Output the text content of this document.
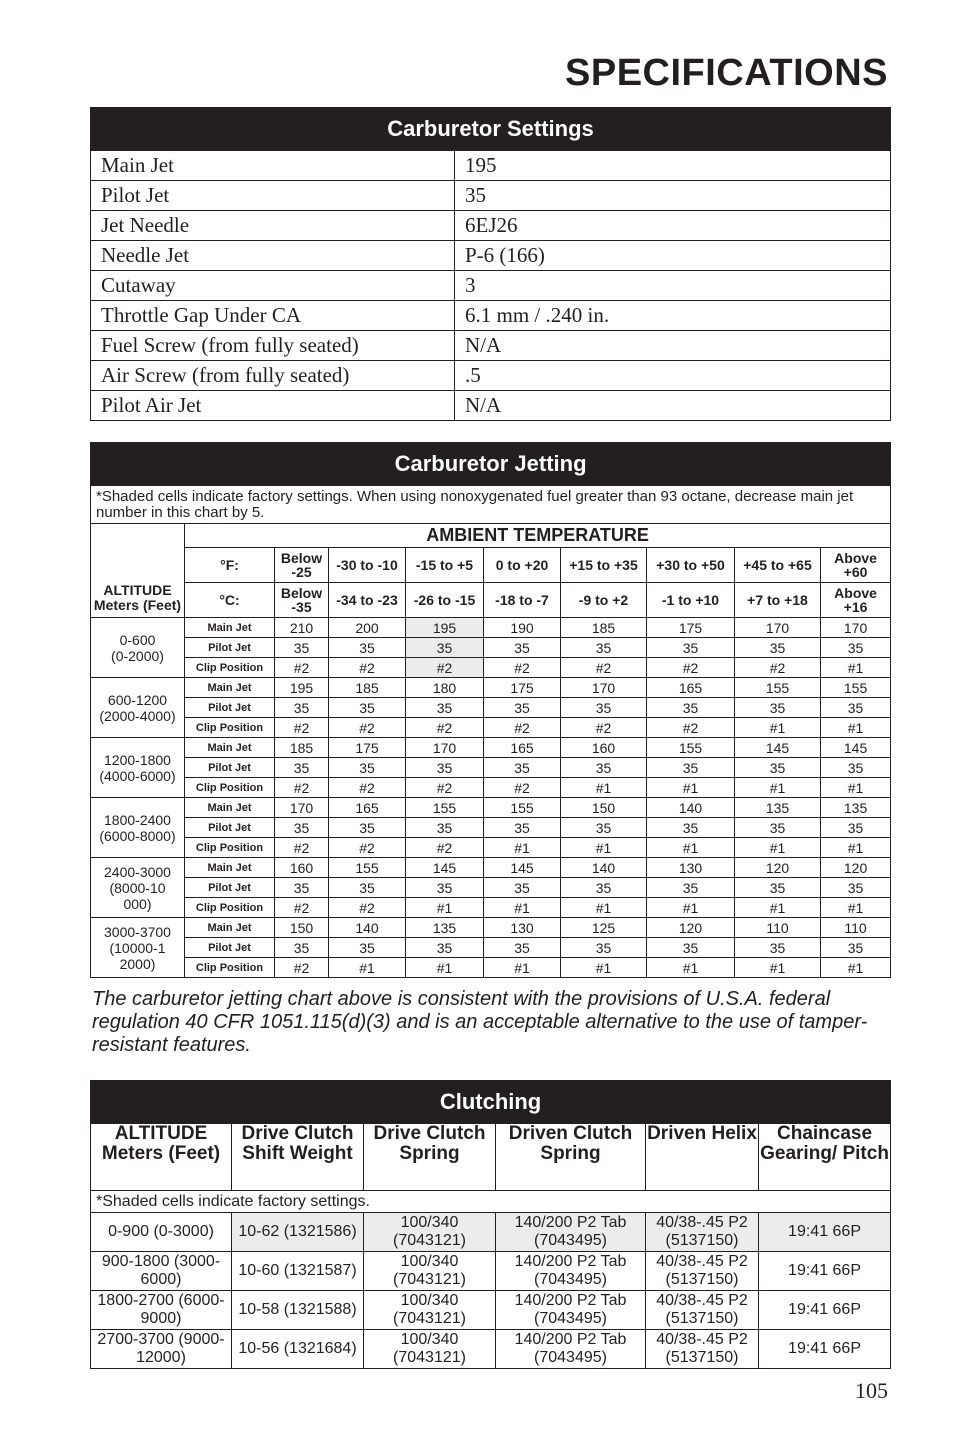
SPECIFICATIONS
Carburetor Settings	
Main Jet	195
Pilot Jet	35
Jet Needle	6EJ26
Needle Jet	P-6 (166)
Cutaway	3
Throttle Gap Under CA	6.1 mm / .240 in.
Fuel Screw (from fully seated)	N/A
Air Screw (from fully seated)	.5
Pilot Air Jet	N/A
Carburetor Jetting									
*Shaded cells indicate factory settings. When using nonoxygenated fuel greater than 93 octane, decrease main jet number in this chart by 5.									
ALTITUDE Meters (Feet)	AMBIENT TEMPERATURE								
	°F:	Below -25	-30 to -10	-15 to +5	0 to +20	+15 to +35	+30 to +50	+45 to +65	Above +60
	°C:	Below -35	-34 to -23	-26 to -15	-18 to -7	-9 to +2	-1 to +10	+7 to +18	Above +16

0-600
(0-2000)	Main Jet	210	200	195	190	185	175	170	170
	Pilot Jet	35	35	35	35	35	35	35	35
	Clip Position	#2	#2	#2	#2	#2	#2	#2	#1

600-1200
(2000-4000)	Main Jet	195	185	180	175	170	165	155	155
	Pilot Jet	35	35	35	35	35	35	35	35
	Clip Position	#2	#2	#2	#2	#2	#2	#1	#1

1200-1800
(4000-6000)	Main Jet	185	175	170	165	160	155	145	145
	Pilot Jet	35	35	35	35	35	35	35	35
	Clip Position	#2	#2	#2	#2	#1	#1	#1	#1

1800-2400
(6000-8000)	Main Jet	170	165	155	155	150	140	135	135
	Pilot Jet	35	35	35	35	35	35	35	35
	Clip Position	#2	#2	#2	#1	#1	#1	#1	#1

2400-3000
(8000-10000)	Main Jet	160	155	145	145	140	130	120	120
	Pilot Jet	35	35	35	35	35	35	35	35
	Clip Position	#2	#2	#1	#1	#1	#1	#1	#1

3000-3700
(10000-12000)	Main Jet	150	140	135	130	125	120	110	110
	Pilot Jet	35	35	35	35	35	35	35	35
	Clip Position	#2	#1	#1	#1	#1	#1	#1	#1
The carburetor jetting chart above is consistent with the provisions of U.S.A. federal regulation 40 CFR 1051.115(d)(3) and is an acceptable alternative to the use of tamper-resistant features.
Clutching					
ALTITUDE Meters (Feet)	Drive Clutch Shift Weight	Drive Clutch Spring	Driven Clutch Spring	Driven Helix	Chaincase Gearing/ Pitch
*Shaded cells indicate factory settings.					
0-900 (0-3000)	10-62 (1321586)	100/340 (7043121)	140/200 P2 Tab (7043495)	40/38-.45 P2 (5137150)	19:41 66P
900-1800 (3000-6000)	10-60 (1321587)	100/340 (7043121)	140/200 P2 Tab (7043495)	40/38-.45 P2 (5137150)	19:41 66P
1800-2700 (6000-9000)	10-58 (1321588)	100/340 (7043121)	140/200 P2 Tab (7043495)	40/38-.45 P2 (5137150)	19:41 66P
2700-3700 (9000-12000)	10-56 (1321684)	100/340 (7043121)	140/200 P2 Tab (7043495)	40/38-.45 P2 (5137150)	19:41 66P
105
